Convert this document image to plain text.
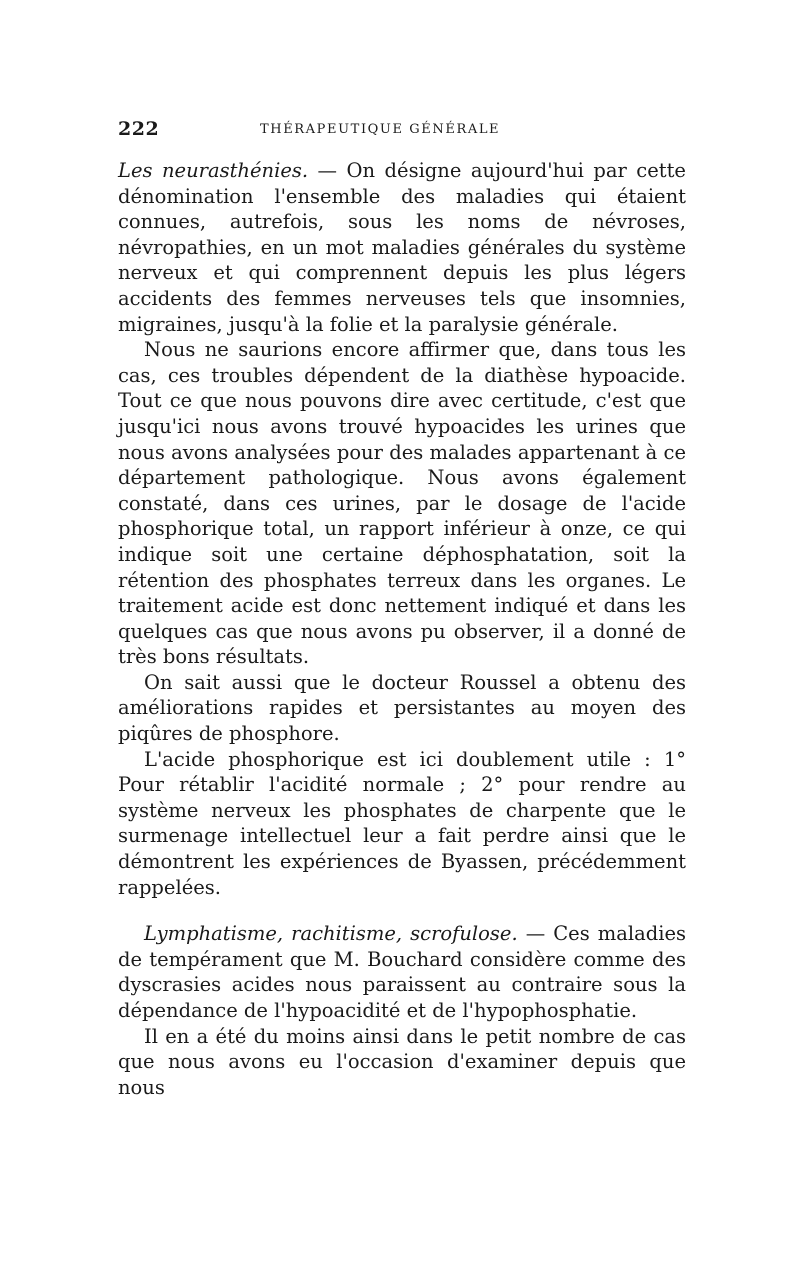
222	THÉRAPEUTIQUE GÉNÉRALE

Les neurasthénies. — On désigne aujourd'hui par cette dénomination l'ensemble des maladies qui étaient connues, autrefois, sous les noms de névroses, névropathies, en un mot maladies générales du système nerveux et qui comprennent depuis les plus légers accidents des femmes nerveuses tels que insomnies, migraines, jusqu'à la folie et la paralysie générale.

Nous ne saurions encore affirmer que, dans tous les cas, ces troubles dépendent de la diathèse hypoacide. Tout ce que nous pouvons dire avec certitude, c'est que jusqu'ici nous avons trouvé hypoacides les urines que nous avons analysées pour des malades appartenant à ce département pathologique. Nous avons également constaté, dans ces urines, par le dosage de l'acide phosphorique total, un rapport inférieur à onze, ce qui indique soit une certaine déphosphatation, soit la rétention des phosphates terreux dans les organes. Le traitement acide est donc nettement indiqué et dans les quelques cas que nous avons pu observer, il a donné de très bons résultats.

On sait aussi que le docteur Roussel a obtenu des améliorations rapides et persistantes au moyen des piqûres de phosphore.

L'acide phosphorique est ici doublement utile : 1° Pour rétablir l'acidité normale ; 2° pour rendre au système nerveux les phosphates de charpente que le surmenage intellectuel leur a fait perdre ainsi que le démontrent les expériences de Byassen, précédemment rappelées.

Lymphatisme, rachitisme, scrofulose. — Ces maladies de tempérament que M. Bouchard considère comme des dyscrasies acides nous paraissent au contraire sous la dépendance de l'hypoacidité et de l'hypophosphatie.

Il en a été du moins ainsi dans le petit nombre de cas que nous avons eu l'occasion d'examiner depuis que nous
